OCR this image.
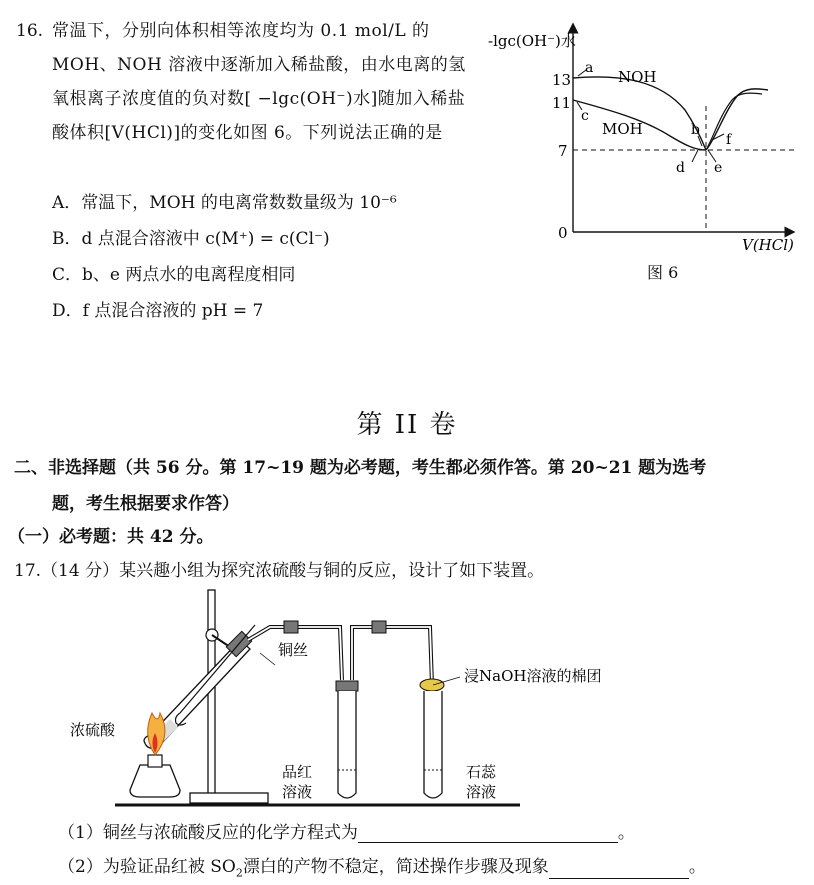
16. 常温下，分别向体积相等浓度均为 0.1 mol/L 的MOH、NOH 溶液中逐渐加入稀盐酸，由水电离的氢氧根离子浓度值的负对数[ −lgc(OH⁻)水]随加入稀盐酸体积[V(HCl)]的变化如图 6。下列说法正确的是
A．常温下，MOH 的电离常数数量级为 10⁻⁶
B．d 点混合溶液中 c(M⁺) = c(Cl⁻)
C．b、e 两点水的电离程度相同
D．f 点混合溶液的 pH = 7
-lgc(OH⁻)水
V(HCl)
13
11
7
0
NOH
MOH
a
c
b
d e
f
图 6
第 II 卷
二、非选择题（共 56 分。第 17~19 题为必考题，考生都必须作答。第 20~21 题为选考
题，考生根据要求作答）
（一）必考题：共 42 分。
17.（14 分）某兴趣小组为探究浓硫酸与铜的反应，设计了如下装置。
铜丝
浸NaOH溶液的棉团
浓硫酸
品红
溶液
石蕊
溶液
（1）铜丝与浓硫酸反应的化学方程式为	。
（2）为验证品红被 $SO_2$漂白的产物不稳定，简述操作步骤及现象	。
